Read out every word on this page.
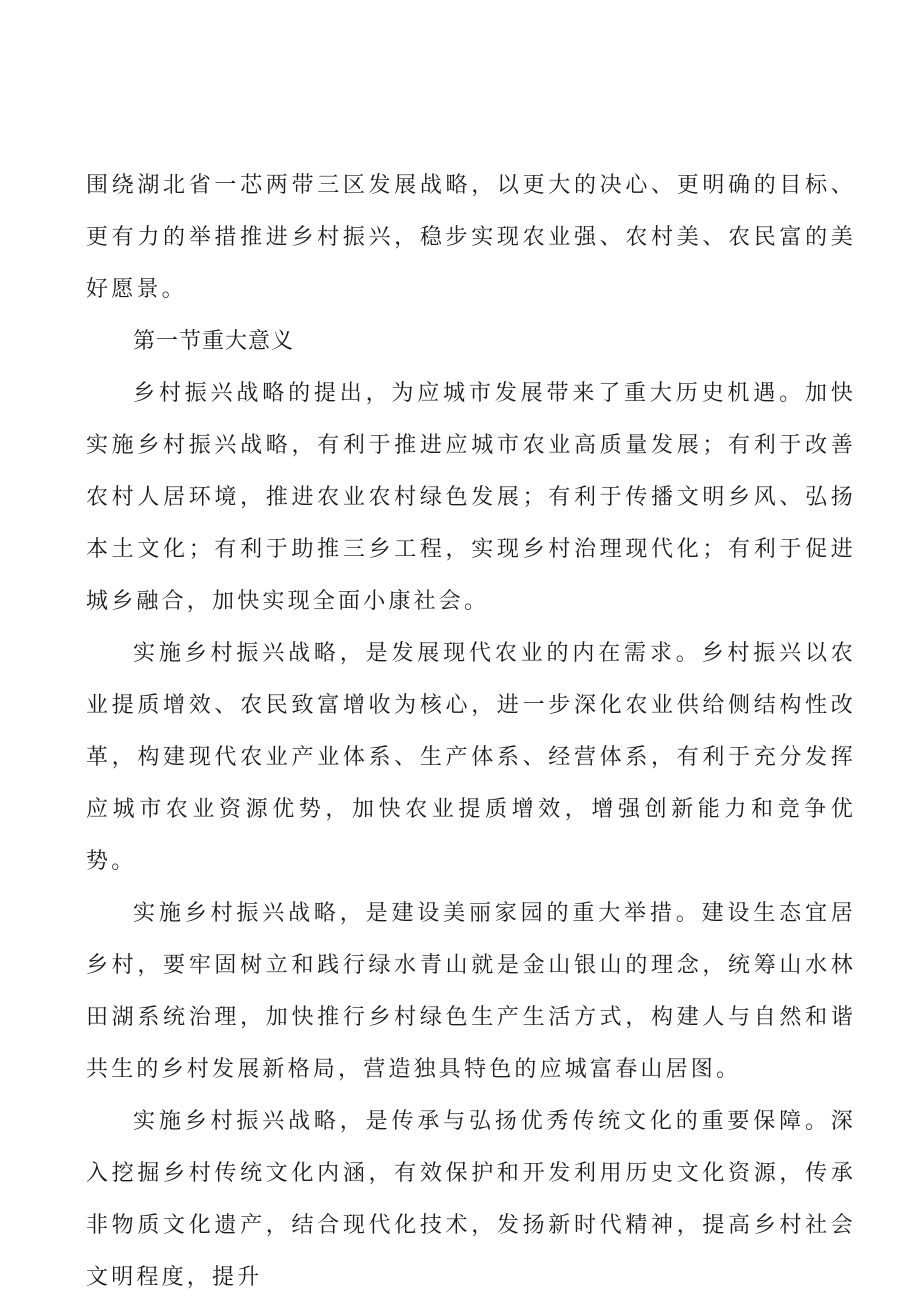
围绕湖北省一芯两带三区发展战略，以更大的决心、更明确的目标、更有力的举措推进乡村振兴，稳步实现农业强、农村美、农民富的美好愿景。

第一节重大意义

乡村振兴战略的提出，为应城市发展带来了重大历史机遇。加快实施乡村振兴战略，有利于推进应城市农业高质量发展；有利于改善农村人居环境，推进农业农村绿色发展；有利于传播文明乡风、弘扬本土文化；有利于助推三乡工程，实现乡村治理现代化；有利于促进城乡融合，加快实现全面小康社会。

实施乡村振兴战略，是发展现代农业的内在需求。乡村振兴以农业提质增效、农民致富增收为核心，进一步深化农业供给侧结构性改革，构建现代农业产业体系、生产体系、经营体系，有利于充分发挥应城市农业资源优势，加快农业提质增效，增强创新能力和竞争优势。

实施乡村振兴战略，是建设美丽家园的重大举措。建设生态宜居乡村，要牢固树立和践行绿水青山就是金山银山的理念，统筹山水林田湖系统治理，加快推行乡村绿色生产生活方式，构建人与自然和谐共生的乡村发展新格局，营造独具特色的应城富春山居图。

实施乡村振兴战略，是传承与弘扬优秀传统文化的重要保障。深入挖掘乡村传统文化内涵，有效保护和开发利用历史文化资源，传承非物质文化遗产，结合现代化技术，发扬新时代精神，提高乡村社会文明程度，提升
